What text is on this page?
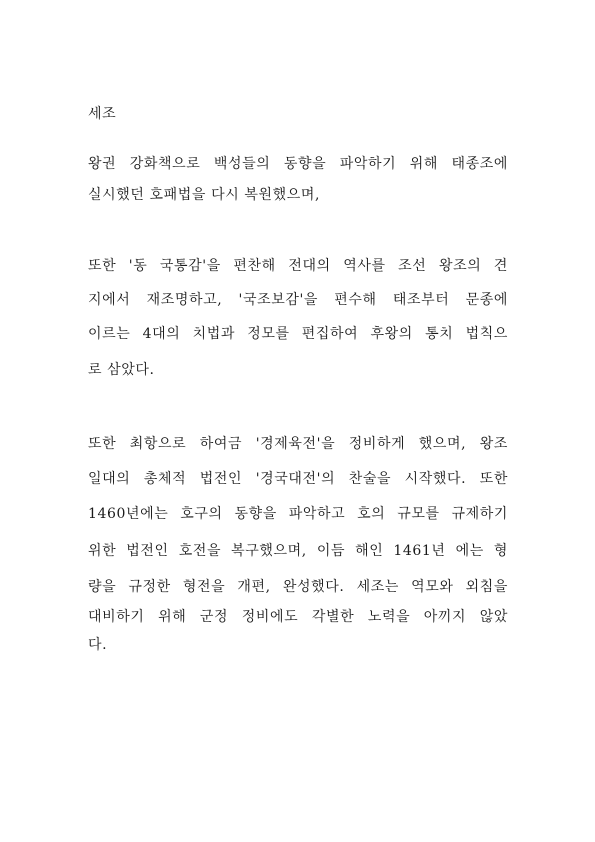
세조
왕권 강화책으로 백성들의 동향을 파악하기 위해 태종조에
실시했던 호패법을 다시 복원했으며,
또한 '동 국통감'을 편찬해 전대의 역사를 조선 왕조의 견
지에서 재조명하고, '국조보감'을 편수해 태조부터 문종에
이르는 4대의 치법과 정모를 편집하여 후왕의 통치 법칙으
로 삼았다.
또한 최항으로 하여금 '경제육전'을 정비하게 했으며, 왕조
일대의 총체적 법전인 '경국대전'의 찬술을 시작했다. 또한
1460년에는 호구의 동향을 파악하고 호의 규모를 규제하기
위한 법전인 호전을 복구했으며, 이듬 해인 1461년 에는 형
량을 규정한 형전을 개편, 완성했다. 세조는 역모와 외침을
대비하기 위해 군정 정비에도 각별한 노력을 아끼지 않았
다.
